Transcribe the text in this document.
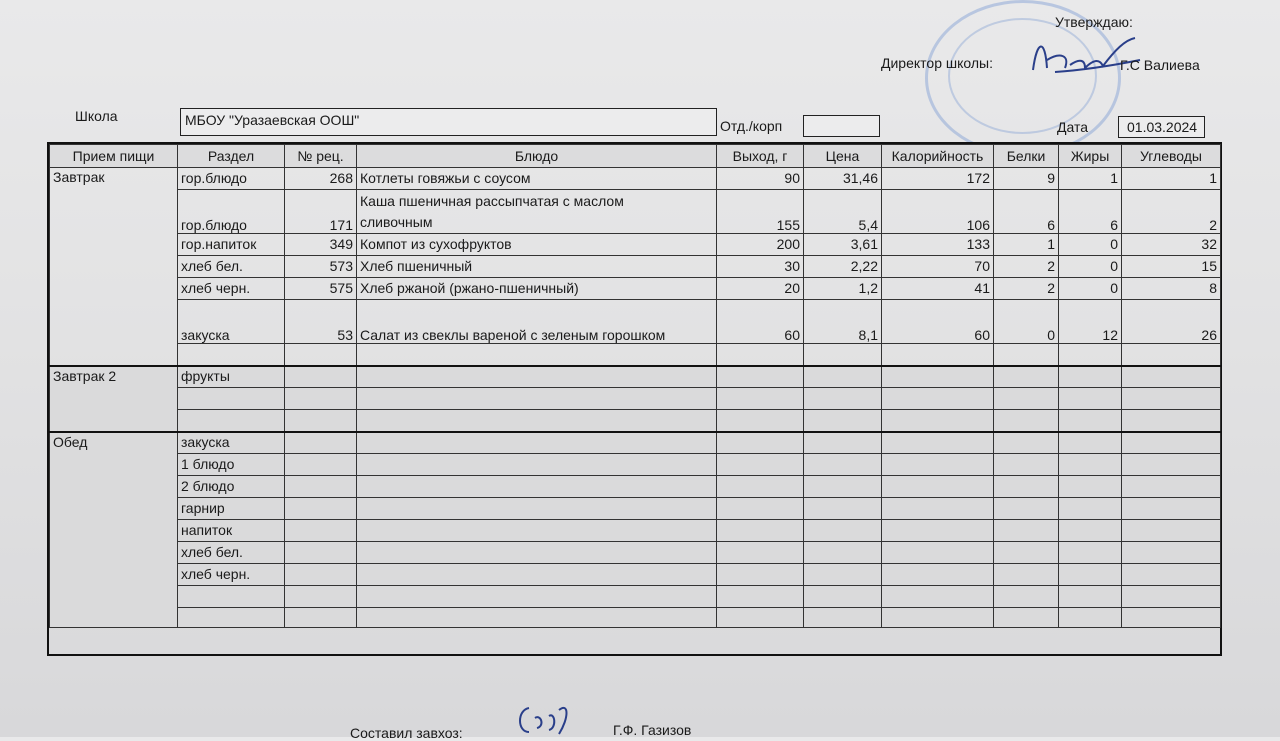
Утверждаю:
Директор школы:	Г.С Валиева
Школа	МБОУ "Уразаевская ООШ"	Отд./корп	Дата	01.03.2024
Прием пищи	Раздел	№ рец.	Блюдо	Выход, г	Цена	Калорийность	Белки	Жиры	Углеводы
Завтрак	гор.блюдо	268	Котлеты говяжьи с соусом	90	31,46	172	9	1	1
	гор.блюдо	171	Каша пшеничная рассыпчатая с маслом
сливочным	155	5,4	106	6	6	2
	гор.напиток	349	Компот из сухофруктов	200	3,61	133	1	0	32
	хлеб бел.	573	Хлеб пшеничный	30	2,22	70	2	0	15
	хлеб черн.	575	Хлеб ржаной (ржано-пшеничный)	20	1,2	41	2	0	8
	закуска	53	Салат из свеклы вареной с зеленым горошком	60	8,1	60	0	12	26

Завтрак 2	фрукты								

Обед	закуска								
	1 блюдо								
	2 блюдо								
	гарнир								
	напиток								
	хлеб бел.								
	хлеб черн.								

Составил завхоз:	Г.Ф. Газизов
